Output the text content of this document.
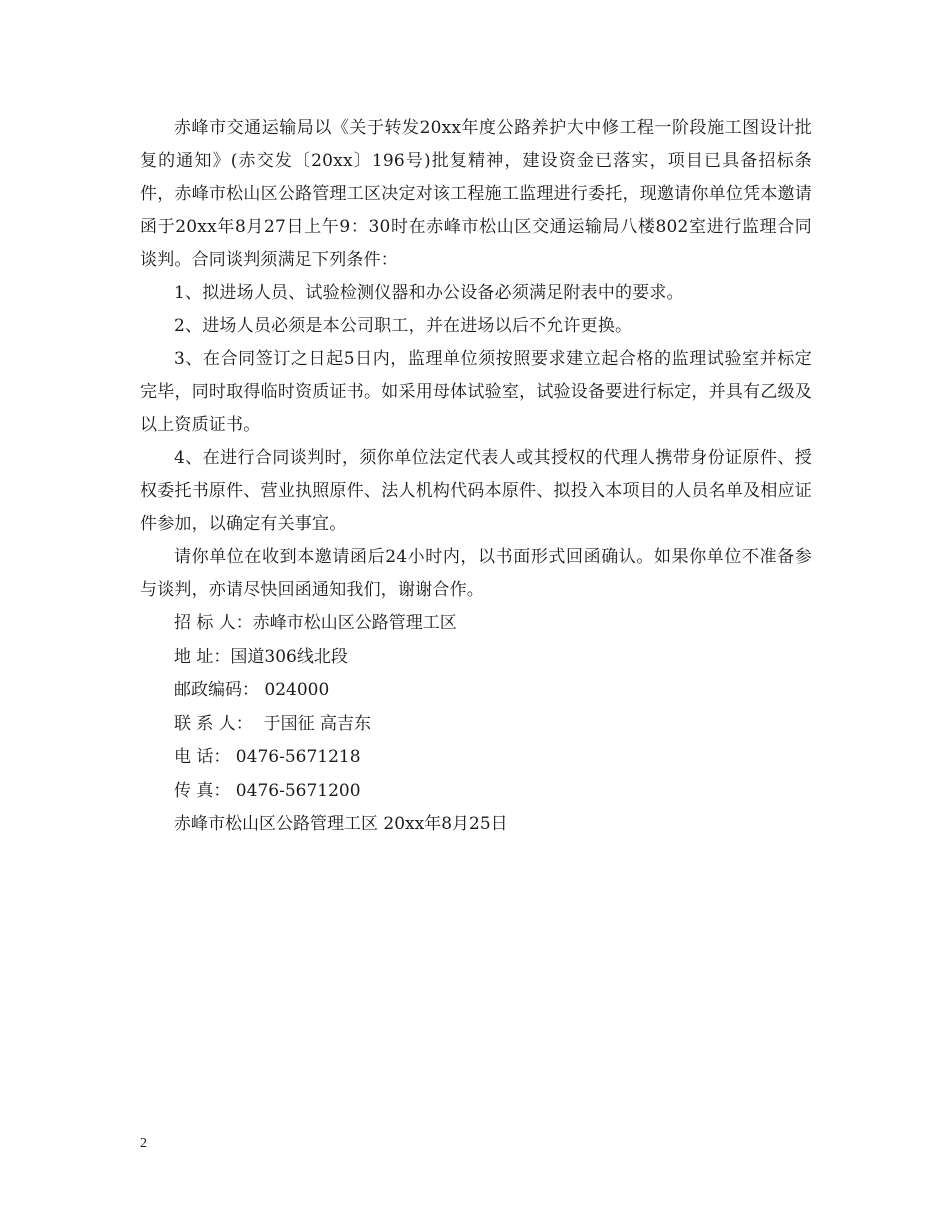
赤峰市交通运输局以《关于转发20xx年度公路养护大中修工程一阶段施工图设计批复的通知》(赤交发〔20xx〕196号)批复精神，建设资金已落实，项目已具备招标条件，赤峰市松山区公路管理工区决定对该工程施工监理进行委托，现邀请你单位凭本邀请函于20xx年8月27日上午9：30时在赤峰市松山区交通运输局八楼802室进行监理合同谈判。合同谈判须满足下列条件：

1、拟进场人员、试验检测仪器和办公设备必须满足附表中的要求。

2、进场人员必须是本公司职工，并在进场以后不允许更换。

3、在合同签订之日起5日内，监理单位须按照要求建立起合格的监理试验室并标定完毕，同时取得临时资质证书。如采用母体试验室，试验设备要进行标定，并具有乙级及以上资质证书。

4、在进行合同谈判时，须你单位法定代表人或其授权的代理人携带身份证原件、授权委托书原件、营业执照原件、法人机构代码本原件、拟投入本项目的人员名单及相应证件参加，以确定有关事宜。

请你单位在收到本邀请函后24小时内，以书面形式回函确认。如果你单位不准备参与谈判，亦请尽快回函通知我们，谢谢合作。

招 标 人：赤峰市松山区公路管理工区

地 址：国道306线北段

邮政编码： 024000

联 系 人：  于国征 高吉东

电 话： 0476-5671218

传 真： 0476-5671200

赤峰市松山区公路管理工区 20xx年8月25日

2
